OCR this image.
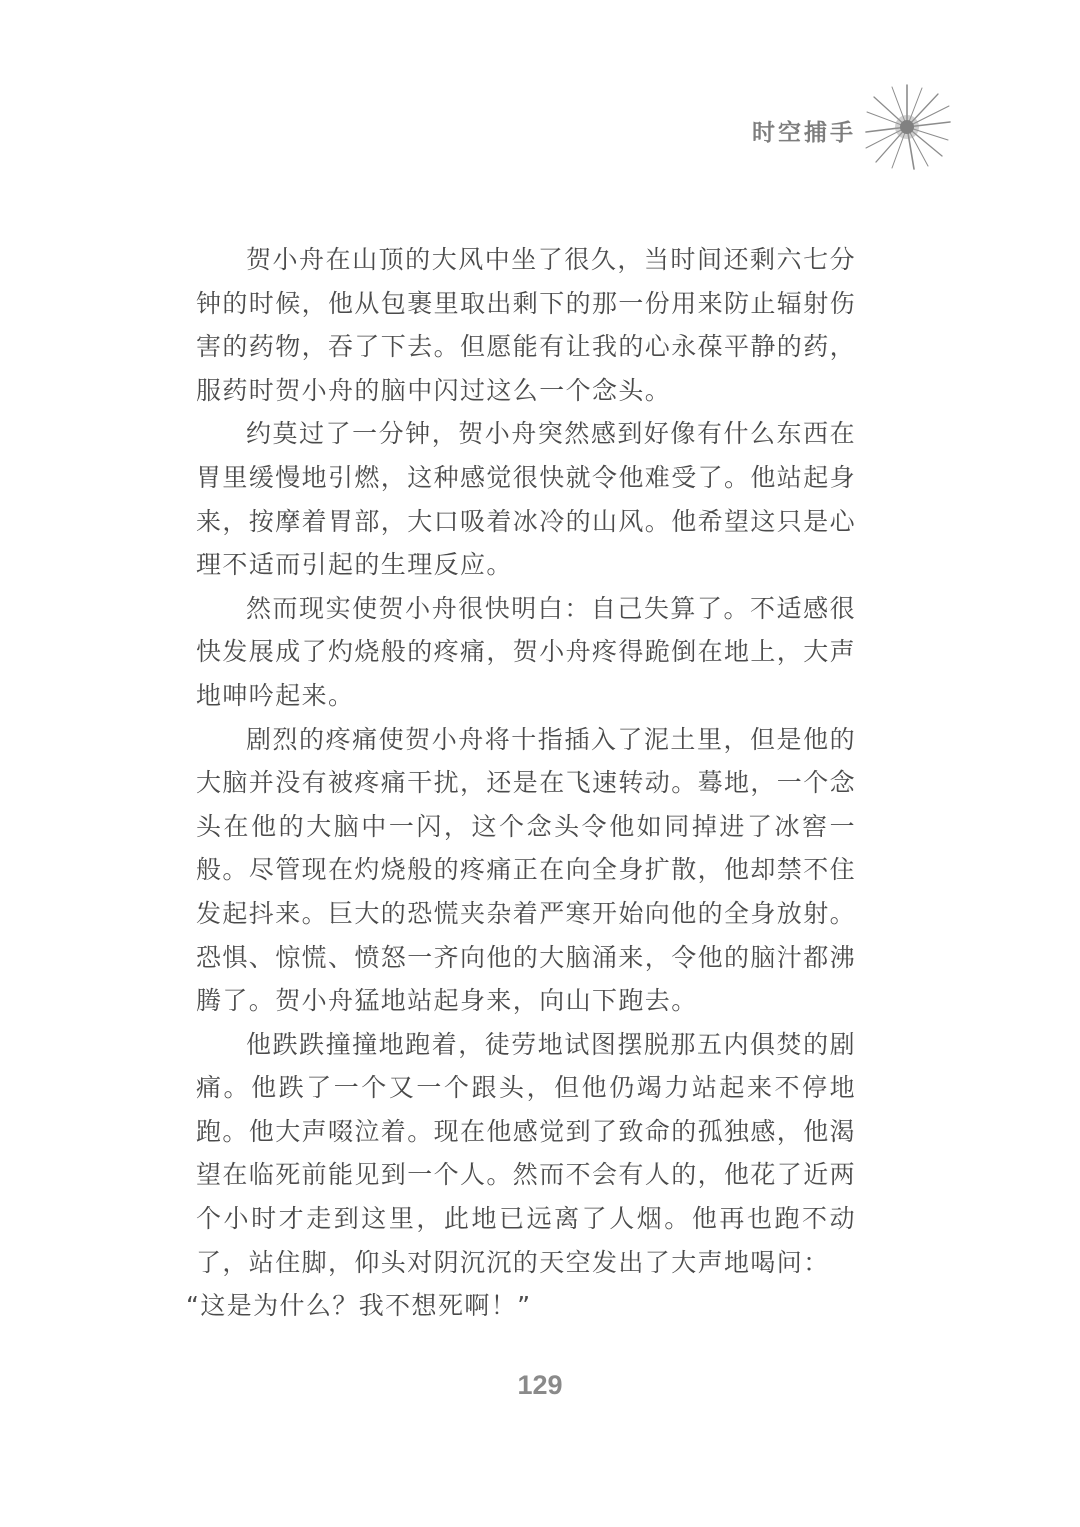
时空捕手

贺小舟在山顶的大风中坐了很久，当时间还剩六七分钟的时候，他从包裹里取出剩下的那一份用来防止辐射伤害的药物，吞了下去。但愿能有让我的心永葆平静的药，服药时贺小舟的脑中闪过这么一个念头。

约莫过了一分钟，贺小舟突然感到好像有什么东西在胃里缓慢地引燃，这种感觉很快就令他难受了。他站起身来，按摩着胃部，大口吸着冰冷的山风。他希望这只是心理不适而引起的生理反应。

然而现实使贺小舟很快明白：自己失算了。不适感很快发展成了灼烧般的疼痛，贺小舟疼得跪倒在地上，大声地呻吟起来。

剧烈的疼痛使贺小舟将十指插入了泥土里，但是他的大脑并没有被疼痛干扰，还是在飞速转动。蓦地，一个念头在他的大脑中一闪，这个念头令他如同掉进了冰窖一般。尽管现在灼烧般的疼痛正在向全身扩散，他却禁不住发起抖来。巨大的恐慌夹杂着严寒开始向他的全身放射。恐惧、惊慌、愤怒一齐向他的大脑涌来，令他的脑汁都沸腾了。贺小舟猛地站起身来，向山下跑去。

他跌跌撞撞地跑着，徒劳地试图摆脱那五内俱焚的剧痛。他跌了一个又一个跟头，但他仍竭力站起来不停地跑。他大声啜泣着。现在他感觉到了致命的孤独感，他渴望在临死前能见到一个人。然而不会有人的，他花了近两个小时才走到这里，此地已远离了人烟。他再也跑不动了，站住脚，仰头对阴沉沉的天空发出了大声地喝问：

“这是为什么？我不想死啊！”

129
